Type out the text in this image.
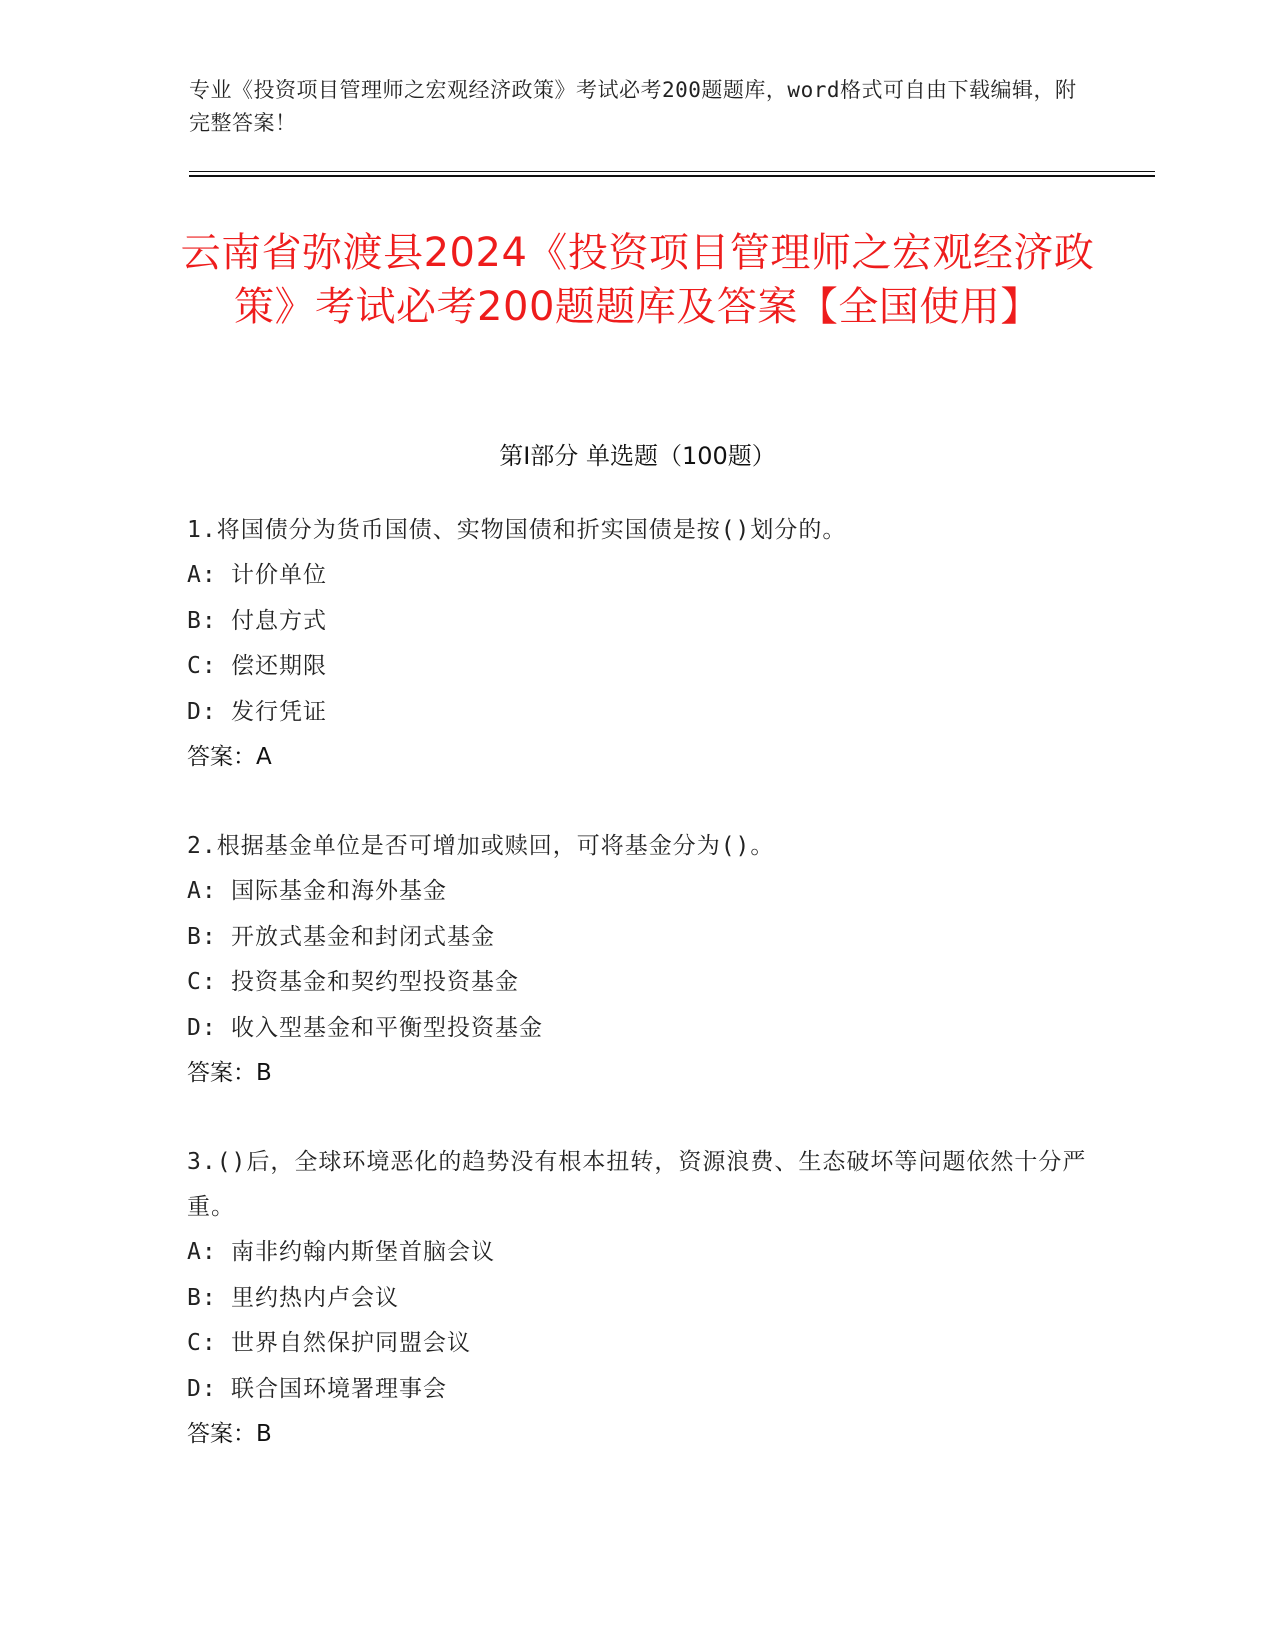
专业《投资项目管理师之宏观经济政策》考试必考200题题库，word格式可自由下载编辑，附完整答案！
云南省弥渡县2024《投资项目管理师之宏观经济政策》考试必考200题题库及答案【全国使用】
第Ⅰ部分 单选题（100题）
1.将国债分为货币国债、实物国债和折实国债是按()划分的。
A: 计价单位
B: 付息方式
C: 偿还期限
D: 发行凭证
答案：A
2.根据基金单位是否可增加或赎回，可将基金分为()。
A: 国际基金和海外基金
B: 开放式基金和封闭式基金
C: 投资基金和契约型投资基金
D: 收入型基金和平衡型投资基金
答案：B
3.()后，全球环境恶化的趋势没有根本扭转，资源浪费、生态破坏等问题依然十分严重。
A: 南非约翰内斯堡首脑会议
B: 里约热内卢会议
C: 世界自然保护同盟会议
D: 联合国环境署理事会
答案：B
